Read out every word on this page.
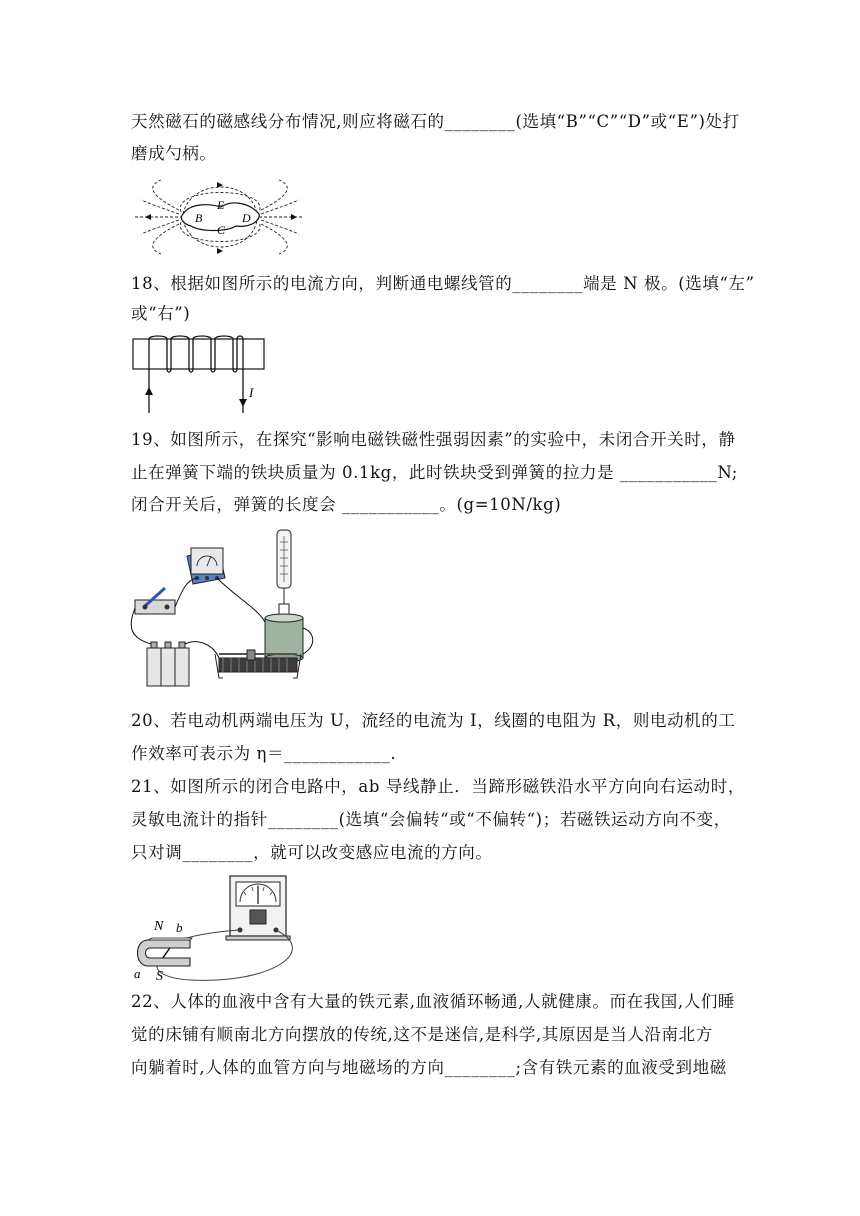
天然磁石的磁感线分布情况,则应将磁石的________(选填“B”“C”“D”或“E”)处打
磨成勺柄。
B
E
D
C
18、根据如图所示的电流方向，判断通电螺线管的________端是 N 极。(选填“左”
或“右”)
I
19、如图所示，在探究“影响电磁铁磁性强弱因素”的实验中，未闭合开关时，静
止在弹簧下端的铁块质量为 0.1kg，此时铁块受到弹簧的拉力是 ___________N;
闭合开关后，弹簧的长度会 ___________。(g=10N/kg)
20、若电动机两端电压为 U，流经的电流为 I，线圈的电阻为 R，则电动机的工
作效率可表示为 η＝____________.
21、如图所示的闭合电路中，ab 导线静止．当蹄形磁铁沿水平方向向右运动时，
灵敏电流计的指针________(选填“会偏转“或“不偏转“)；若磁铁运动方向不变，
只对调________，就可以改变感应电流的方向。
N b
S
a
22、人体的血液中含有大量的铁元素,血液循环畅通,人就健康。而在我国,人们睡
觉的床铺有顺南北方向摆放的传统,这不是迷信,是科学,其原因是当人沿南北方
向躺着时,人体的血管方向与地磁场的方向________;含有铁元素的血液受到地磁
